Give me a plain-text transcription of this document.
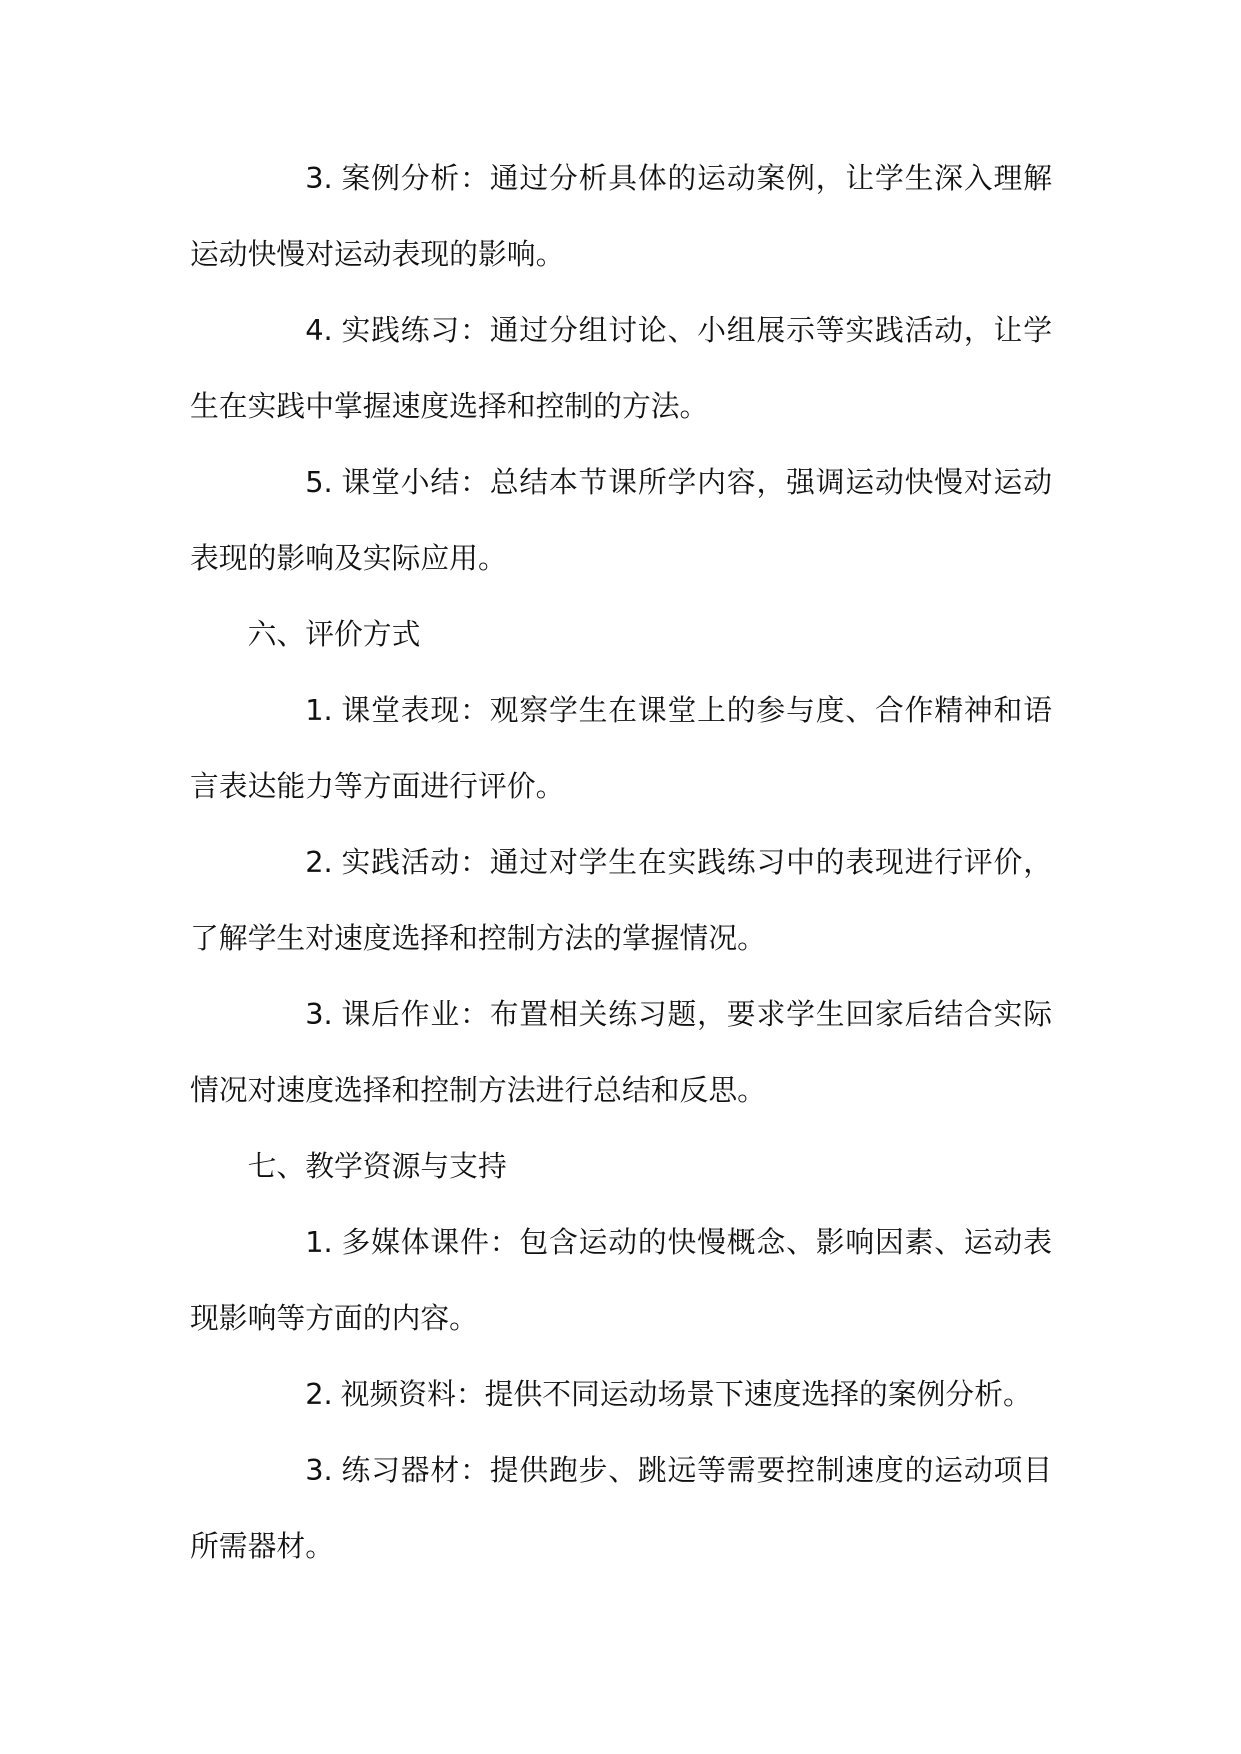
3. 案例分析：通过分析具体的运动案例，让学生深入理解运动快慢对运动表现的影响。

4. 实践练习：通过分组讨论、小组展示等实践活动，让学生在实践中掌握速度选择和控制的方法。

5. 课堂小结：总结本节课所学内容，强调运动快慢对运动表现的影响及实际应用。

六、评价方式

1. 课堂表现：观察学生在课堂上的参与度、合作精神和语言表达能力等方面进行评价。

2. 实践活动：通过对学生在实践练习中的表现进行评价，了解学生对速度选择和控制方法的掌握情况。

3. 课后作业：布置相关练习题，要求学生回家后结合实际情况对速度选择和控制方法进行总结和反思。

七、教学资源与支持

1. 多媒体课件：包含运动的快慢概念、影响因素、运动表现影响等方面的内容。

2. 视频资料：提供不同运动场景下速度选择的案例分析。

3. 练习器材：提供跑步、跳远等需要控制速度的运动项目所需器材。
